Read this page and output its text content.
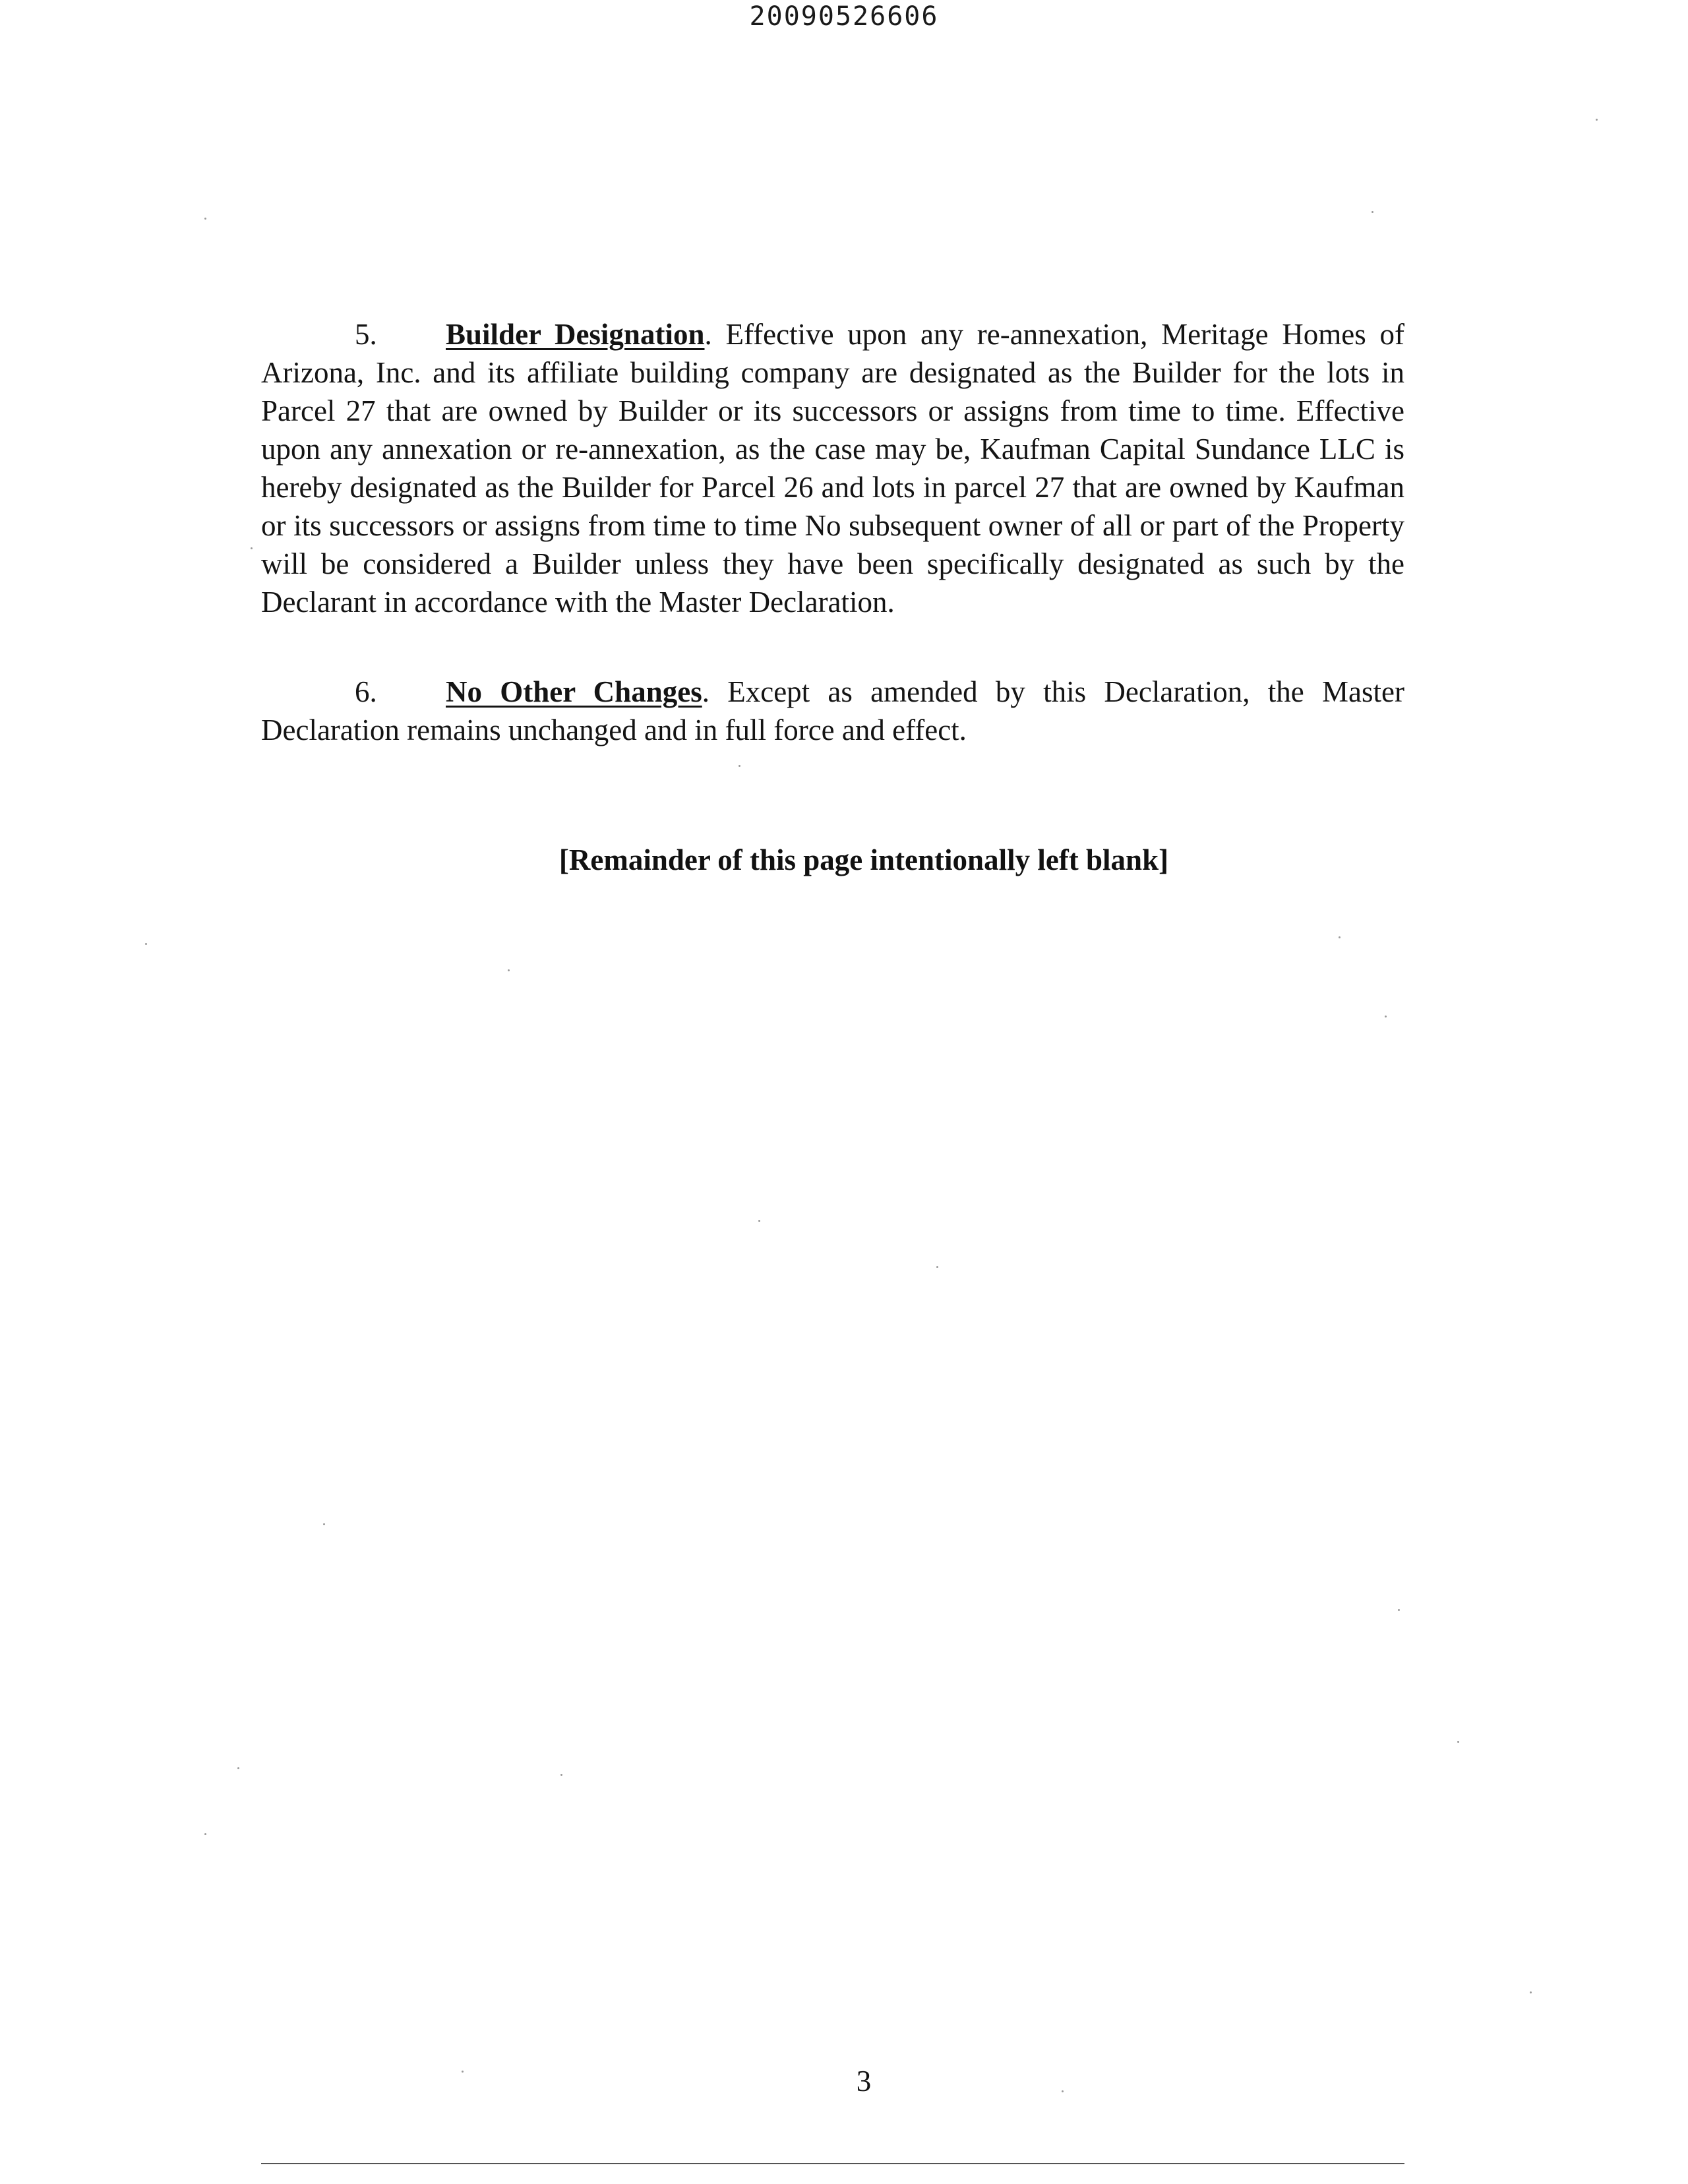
20090526606
5. Builder Designation. Effective upon any re-annexation, Meritage Homes of Arizona, Inc. and its affiliate building company are designated as the Builder for the lots in Parcel 27 that are owned by Builder or its successors or assigns from time to time. Effective upon any annexation or re-annexation, as the case may be, Kaufman Capital Sundance LLC is hereby designated as the Builder for Parcel 26 and lots in parcel 27 that are owned by Kaufman or its successors or assigns from time to time No subsequent owner of all or part of the Property will be considered a Builder unless they have been specifically designated as such by the Declarant in accordance with the Master Declaration.
6. No Other Changes. Except as amended by this Declaration, the Master Declaration remains unchanged and in full force and effect.
[Remainder of this page intentionally left blank]
3
